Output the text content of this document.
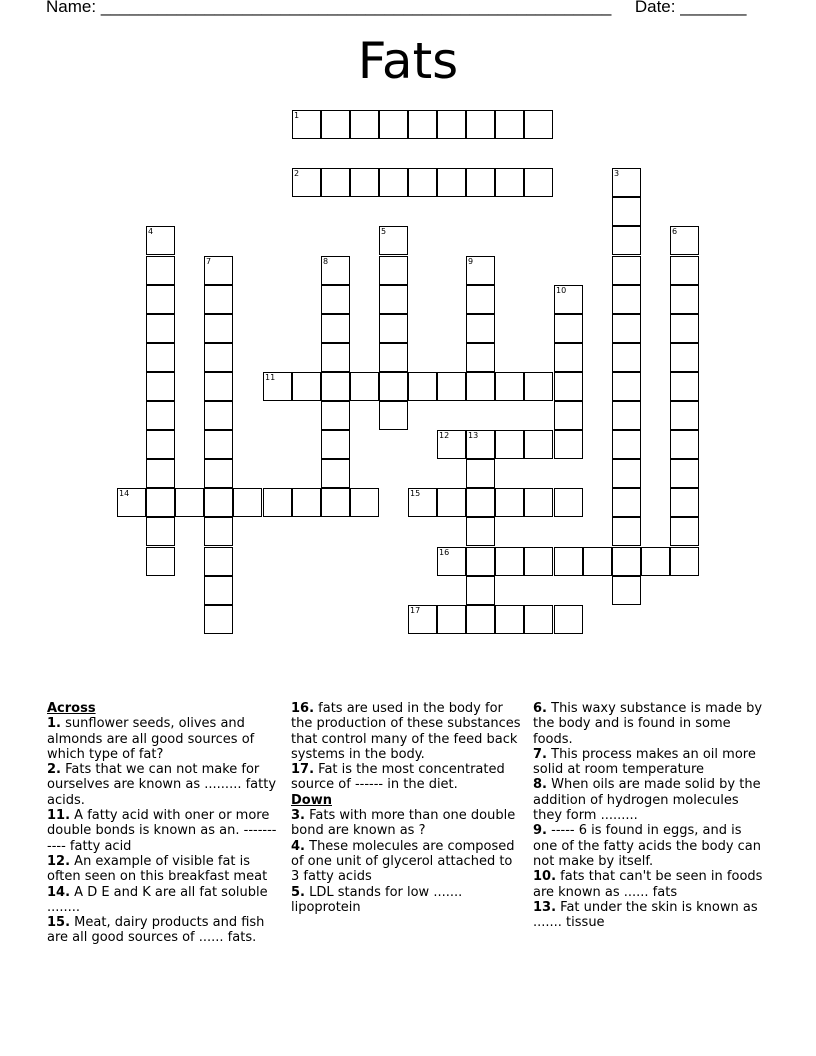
Name: ______________________________________________________ Date: _______
Fats
1
2	3
4	5	6
7	8	9
10
11
12 13
14	15
16
17
Across
1. sunflower seeds, olives and almonds are all good sources of which type of fat?
2. Fats that we can not make for ourselves are known as ......... fatty acids.
11. A fatty acid with oner or more double bonds is known as an. ----------- fatty acid
12. An example of visible fat is often seen on this breakfast meat
14. A D E and K are all fat soluble ........
15. Meat, dairy products and fish are all good sources of ...... fats.
16. fats are used in the body for the production of these substances that control many of the feed back systems in the body.
17. Fat is the most concentrated source of ------ in the diet.
Down
3. Fats with more than one double bond are known as ?
4. These molecules are composed of one unit of glycerol attached to 3 fatty acids
5. LDL stands for low ....... lipoprotein
6. This waxy substance is made by the body and is found in some foods.
7. This process makes an oil more solid at room temperature
8. When oils are made solid by the addition of hydrogen molecules they form .........
9. ----- 6 is found in eggs, and is one of the fatty acids the body can not make by itself.
10. fats that can't be seen in foods are known as ...... fats
13. Fat under the skin is known as ....... tissue
